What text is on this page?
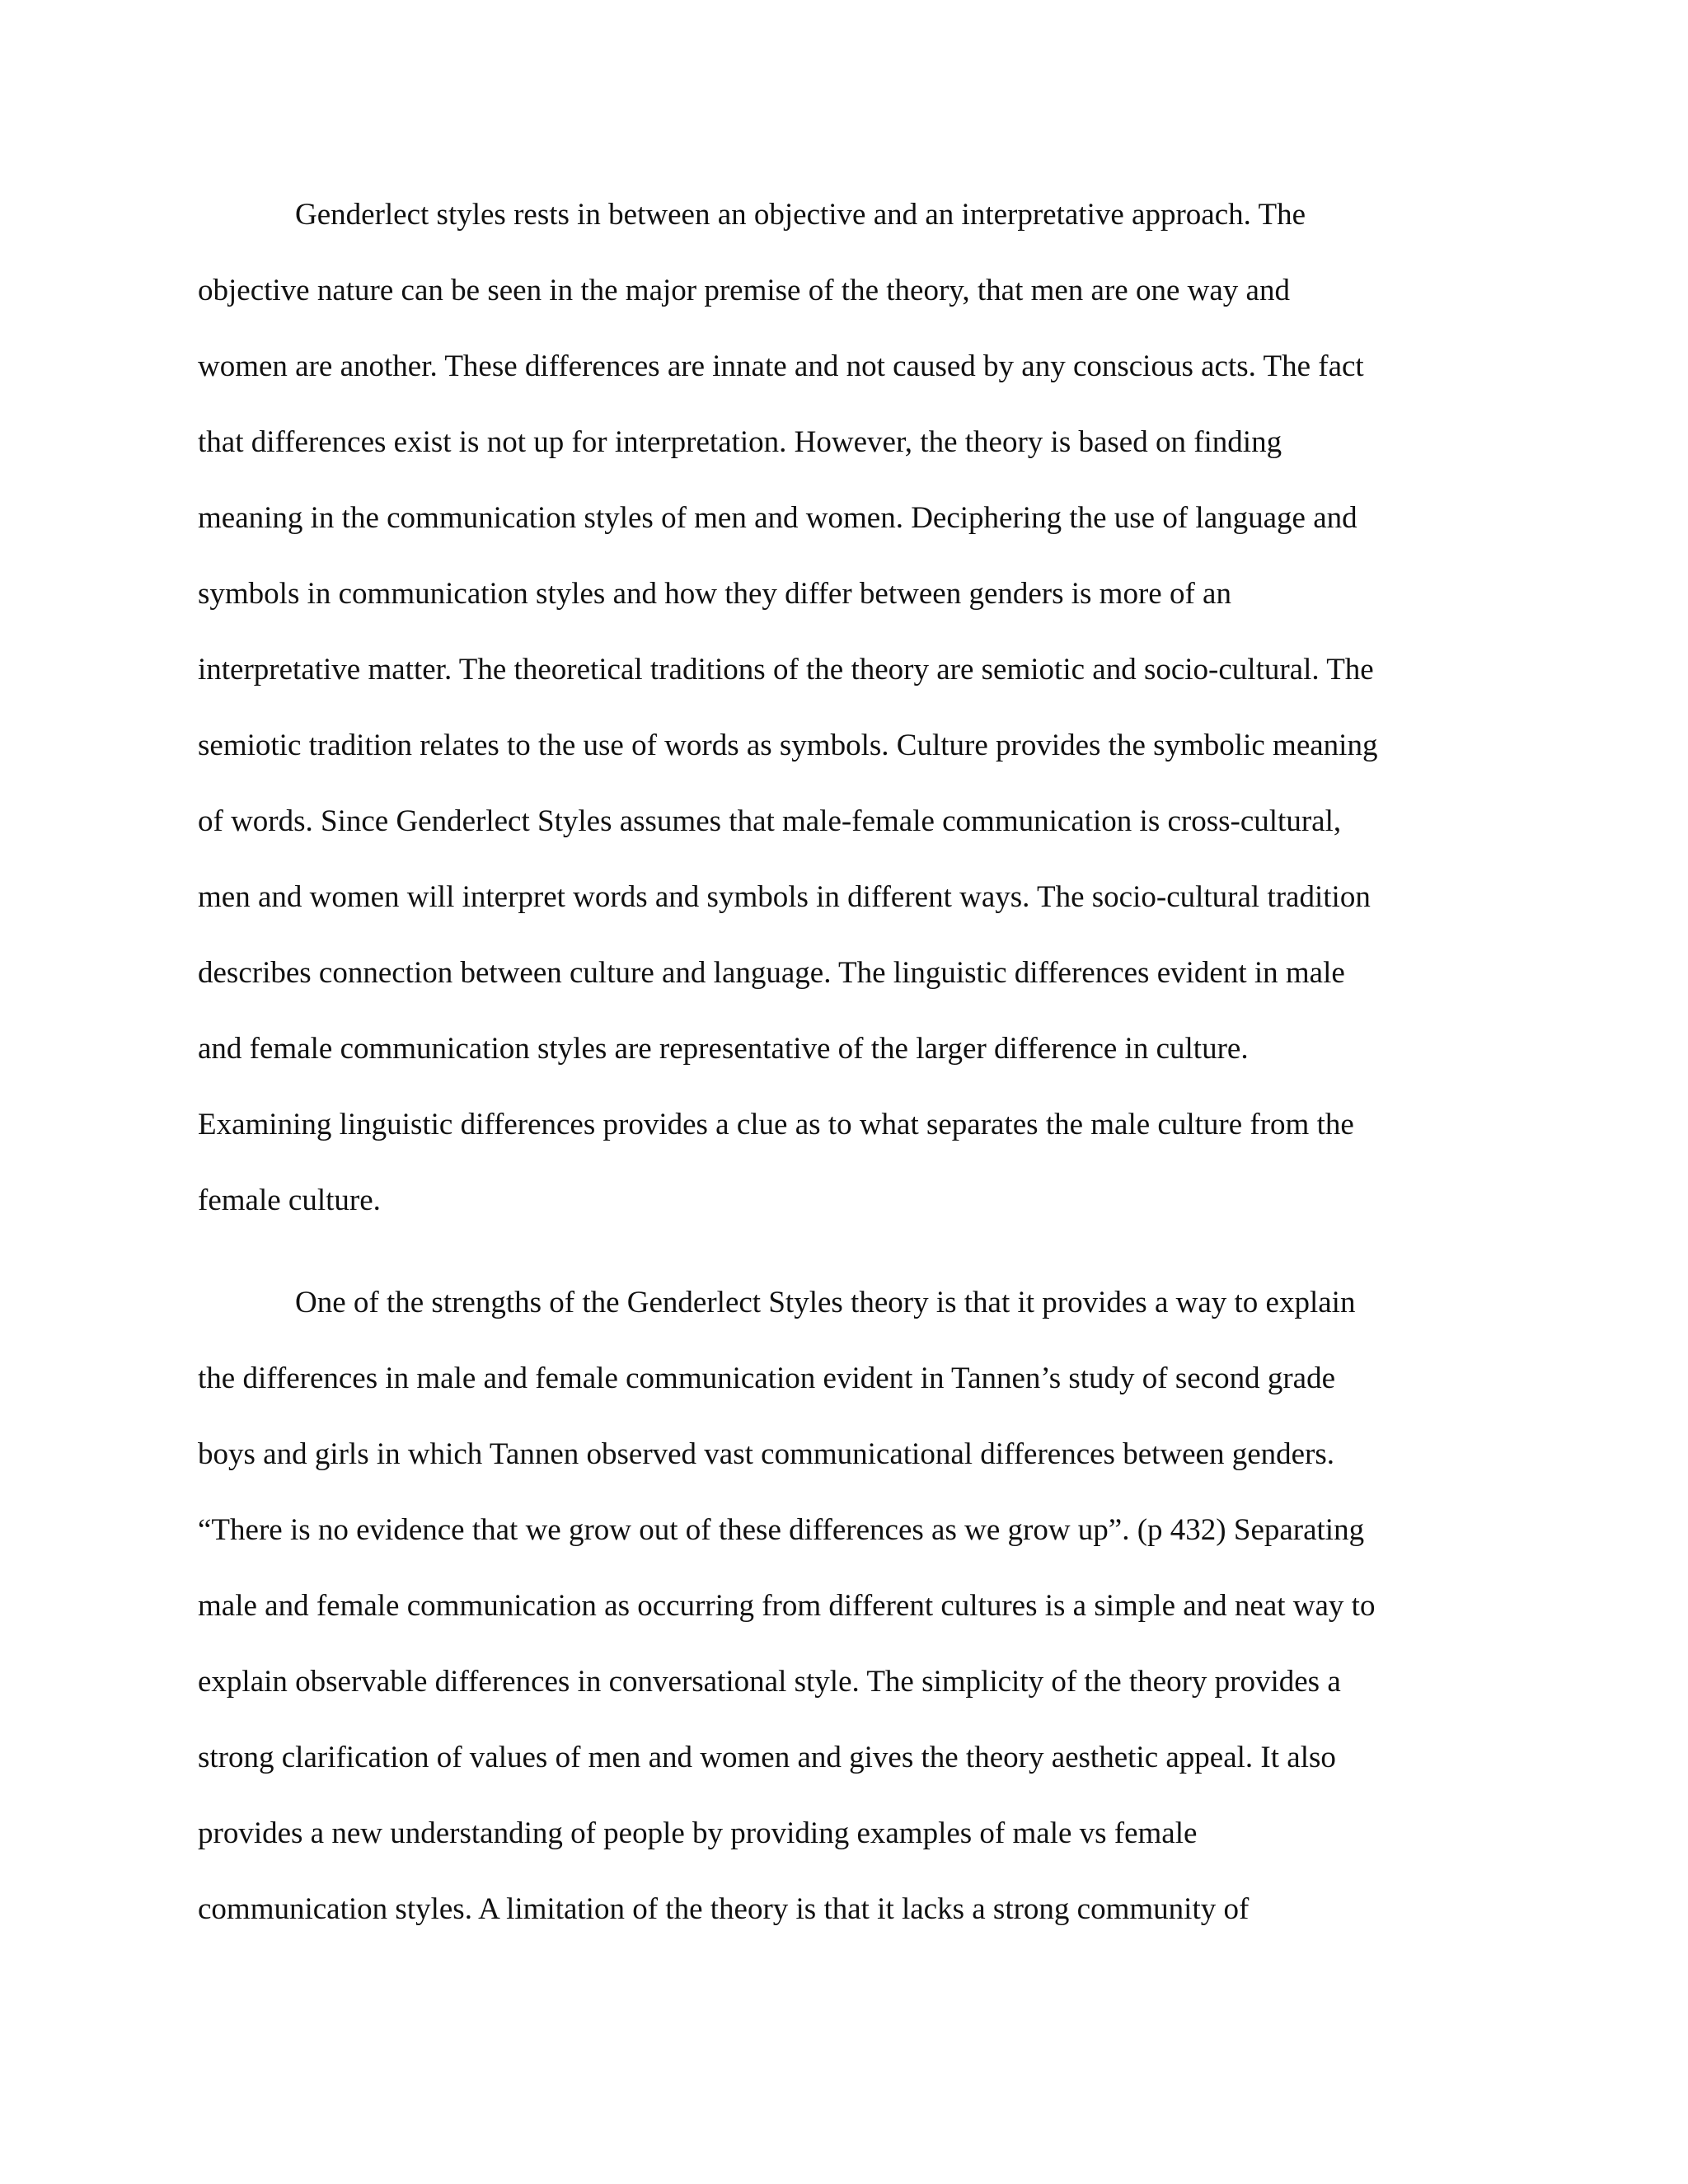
Genderlect styles rests in between an objective and an interpretative approach. The
objective nature can be seen in the major premise of the theory, that men are one way and
women are another. These differences are innate and not caused by any conscious acts. The fact
that differences exist is not up for interpretation. However, the theory is based on finding
meaning in the communication styles of men and women. Deciphering the use of language and
symbols in communication styles and how they differ between genders is more of an
interpretative matter. The theoretical traditions of the theory are semiotic and socio-cultural. The
semiotic tradition relates to the use of words as symbols. Culture provides the symbolic meaning
of words. Since Genderlect Styles assumes that male-female communication is cross-cultural,
men and women will interpret words and symbols in different ways. The socio-cultural tradition
describes connection between culture and language. The linguistic differences evident in male
and female communication styles are representative of the larger difference in culture.
Examining linguistic differences provides a clue as to what separates the male culture from the
female culture.
One of the strengths of the Genderlect Styles theory is that it provides a way to explain
the differences in male and female communication evident in Tannen’s study of second grade
boys and girls in which Tannen observed vast communicational differences between genders.
“There is no evidence that we grow out of these differences as we grow up”. (p 432) Separating
male and female communication as occurring from different cultures is a simple and neat way to
explain observable differences in conversational style. The simplicity of the theory provides a
strong clarification of values of men and women and gives the theory aesthetic appeal. It also
provides a new understanding of people by providing examples of male vs female
communication styles. A limitation of the theory is that it lacks a strong community of
